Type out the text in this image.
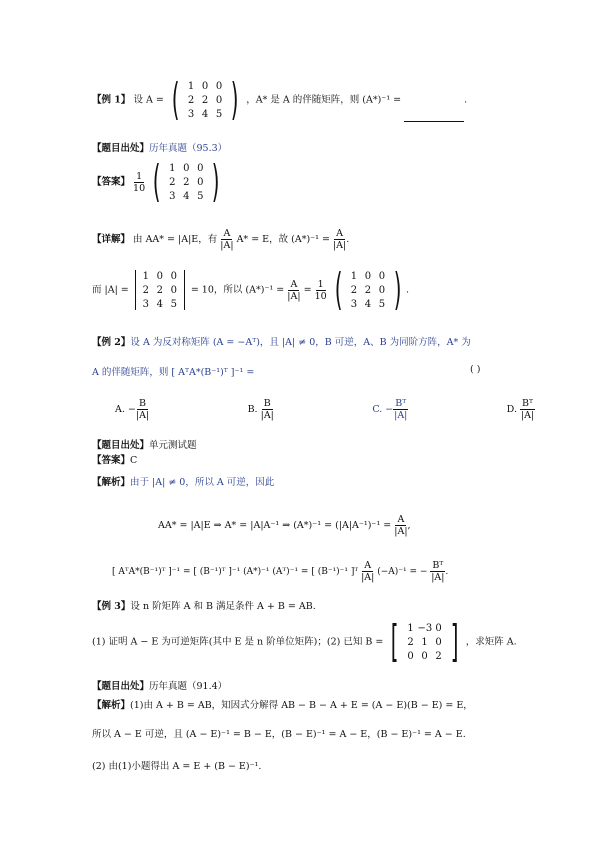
【例 1】 设 A = ( 1 0 0
2 2 0
3 4 5 ) ，A* 是 A 的伴随矩阵，则 (A*)⁻¹ =	.
【题目出处】历年真题（95.3）
【答案】 $\frac{1}{10}$
( 1 0 0
2 2 0
3 4 5 )
【详解】 由 AA* = |A|E，有 $\frac{A}{|A|} A* = E$，故 $(A*)^{-1} = \frac{A}{|A|}$ .
而 |A| =
1 0 0
2 2 0
3 4 5
= 10，所以 $(A*)^{-1} = \frac{A}{|A|} = \frac{1}{10}$
( 1 0 0
2 2 0
3 4 5 ) .
【例 2】设 A 为反对称矩阵 (A = −Aᵀ)，且 |A| ≠ 0，B 可逆，A、B 为同阶方阵，A* 为
A 的伴随矩阵，则 [ AᵀA*(B⁻¹)ᵀ ]⁻¹ =	( )
A. − $\frac{B}{|A|}$	B. $\frac{B}{|A|}$	C. − $\frac{\text{Bᵀ}}{|A|}$	D. $\frac{\text{Bᵀ}}{|A|}$
【题目出处】单元测试题
【答案】C
【解析】由于 |A| ≠ 0，所以 A 可逆，因此
AA* = |A|E ⇒ A* = |A|A⁻¹ ⇒ $(A*)^{-1} = (|A|A^{-1})^{-1} = \frac{A}{|A|}$ ,
[ AᵀA*(B⁻¹)ᵀ ]⁻¹ = [ (B⁻¹)ᵀ ]⁻¹ (A*)⁻¹ (Aᵀ)⁻¹ = [ (B⁻¹)⁻¹ ]ᵀ $\frac{A}{|A|} (-A)^{-1}$ = − $\frac{\text{Bᵀ}}{|A|}$ .
【例 3】设 n 阶矩阵 A 和 B 满足条件 A + B = AB.
(1) 证明 A − E 为可逆矩阵(其中 E 是 n 阶单位矩阵)；(2) 已知 B = [ 1 −3 0
2 1 0
0 0 2 ] ，求矩阵 A.
【题目出处】历年真题（91.4）
【解析】(1)由 A + B = AB，知因式分解得 AB − B − A + E = (A − E)(B − E) = E，
所以 A − E 可逆，且 (A − E)⁻¹ = B − E，(B − E)⁻¹ = A − E，(B − E)⁻¹ = A − E.
(2) 由(1)小题得出 A = E + (B − E)⁻¹.
